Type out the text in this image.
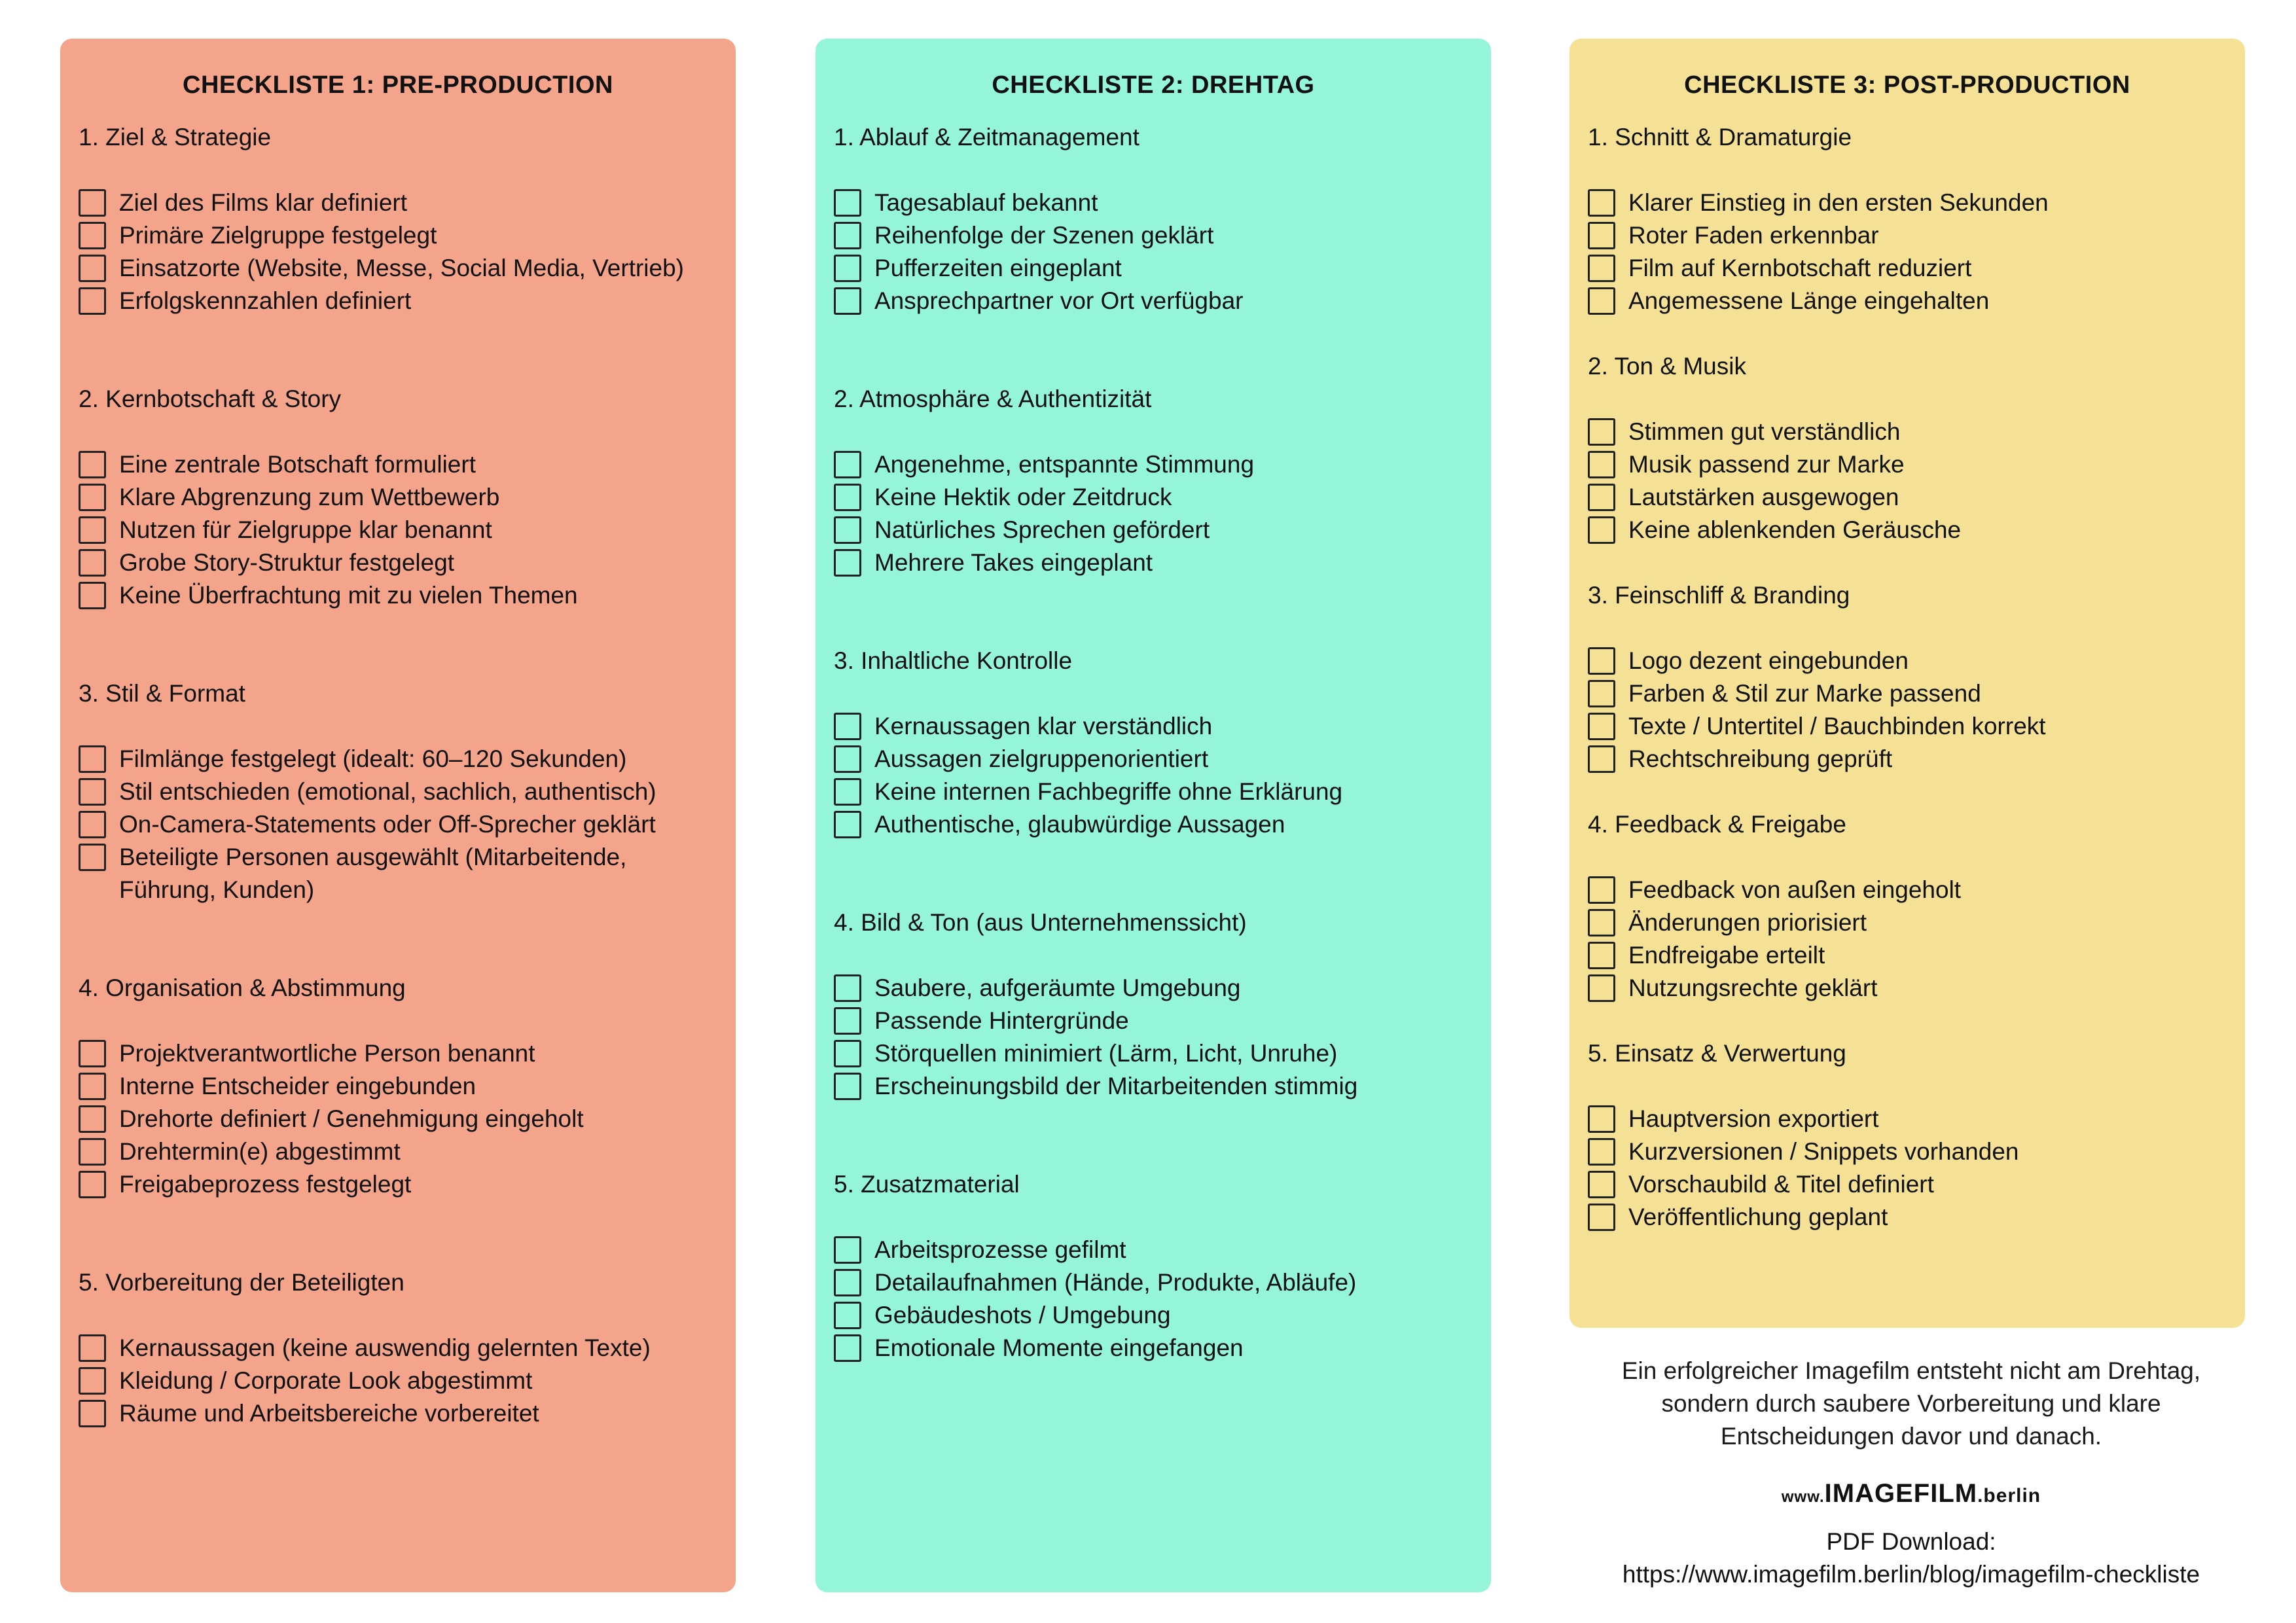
CHECKLISTE 1: PRE-PRODUCTION
1. Ziel & Strategie
Ziel des Films klar definiert
Primäre Zielgruppe festgelegt
Einsatzorte (Website, Messe, Social Media, Vertrieb)
Erfolgskennzahlen definiert
2. Kernbotschaft & Story
Eine zentrale Botschaft formuliert
Klare Abgrenzung zum Wettbewerb
Nutzen für Zielgruppe klar benannt
Grobe Story-Struktur festgelegt
Keine Überfrachtung mit zu vielen Themen
3. Stil & Format
Filmlänge festgelegt (idealt: 60–120 Sekunden)
Stil entschieden (emotional, sachlich, authentisch)
On-Camera-Statements oder Off-Sprecher geklärt
Beteiligte Personen ausgewählt (Mitarbeitende, Führung, Kunden)
4. Organisation & Abstimmung
Projektverantwortliche Person benannt
Interne Entscheider eingebunden
Drehorte definiert / Genehmigung eingeholt
Drehtermin(e) abgestimmt
Freigabeprozess festgelegt
5. Vorbereitung der Beteiligten
Kernaussagen (keine auswendig gelernten Texte)
Kleidung / Corporate Look abgestimmt
Räume und Arbeitsbereiche vorbereitet
CHECKLISTE 2: DREHTAG
1. Ablauf & Zeitmanagement
Tagesablauf bekannt
Reihenfolge der Szenen geklärt
Pufferzeiten eingeplant
Ansprechpartner vor Ort verfügbar
2. Atmosphäre & Authentizität
Angenehme, entspannte Stimmung
Keine Hektik oder Zeitdruck
Natürliches Sprechen gefördert
Mehrere Takes eingeplant
3. Inhaltliche Kontrolle
Kernaussagen klar verständlich
Aussagen zielgruppenorientiert
Keine internen Fachbegriffe ohne Erklärung
Authentische, glaubwürdige Aussagen
4. Bild & Ton (aus Unternehmenssicht)
Saubere, aufgeräumte Umgebung
Passende Hintergründe
Störquellen minimiert (Lärm, Licht, Unruhe)
Erscheinungsbild der Mitarbeitenden stimmig
5. Zusatzmaterial
Arbeitsprozesse gefilmt
Detailaufnahmen (Hände, Produkte, Abläufe)
Gebäudeshots / Umgebung
Emotionale Momente eingefangen
CHECKLISTE 3: POST-PRODUCTION
1. Schnitt & Dramaturgie
Klarer Einstieg in den ersten Sekunden
Roter Faden erkennbar
Film auf Kernbotschaft reduziert
Angemessene Länge eingehalten
2. Ton & Musik
Stimmen gut verständlich
Musik passend zur Marke
Lautstärken ausgewogen
Keine ablenkenden Geräusche
3. Feinschliff & Branding
Logo dezent eingebunden
Farben & Stil zur Marke passend
Texte / Untertitel / Bauchbinden korrekt
Rechtschreibung geprüft
4. Feedback & Freigabe
Feedback von außen eingeholt
Änderungen priorisiert
Endfreigabe erteilt
Nutzungsrechte geklärt
5. Einsatz & Verwertung
Hauptversion exportiert
Kurzversionen / Snippets vorhanden
Vorschaubild & Titel definiert
Veröffentlichung geplant
Ein erfolgreicher Imagefilm entsteht nicht am Drehtag,
sondern durch saubere Vorbereitung und klare
Entscheidungen davor und danach.
www.IMAGEFILM.berlin
PDF Download:
https://www.imagefilm.berlin/blog/imagefilm-checkliste
